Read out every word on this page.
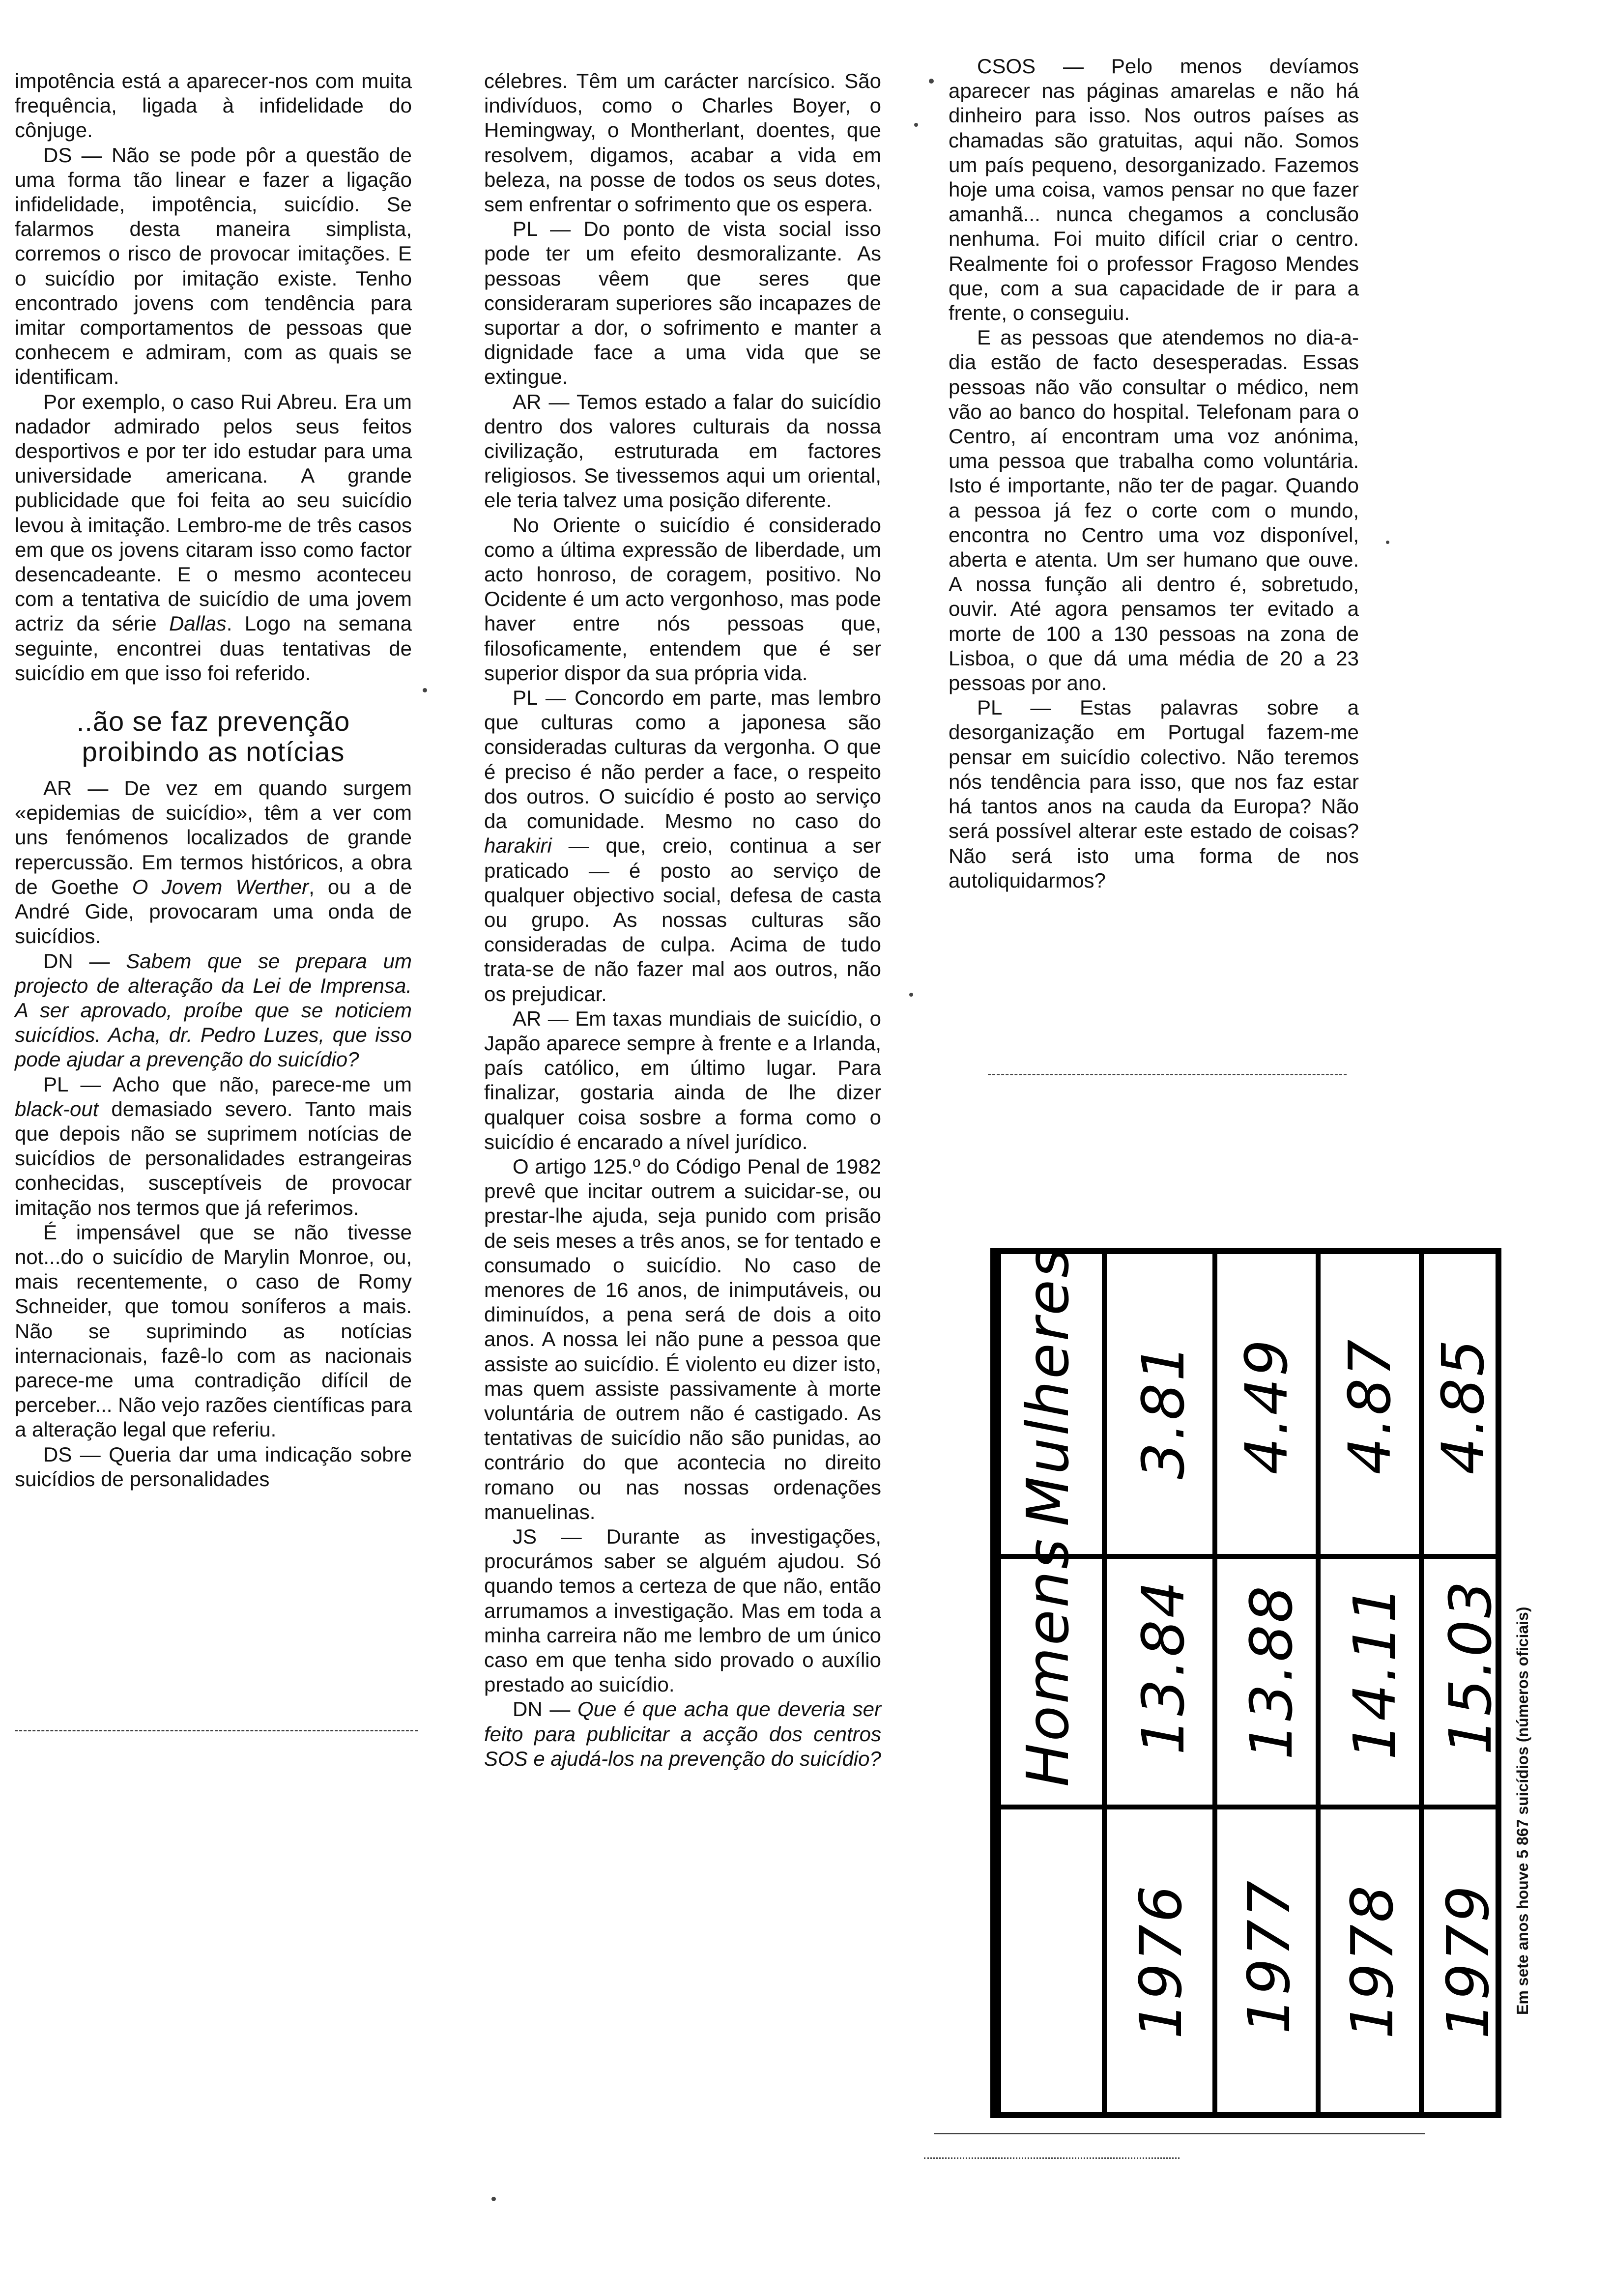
impotência está a aparecer-nos com muita frequência, ligada à infidelidade do cônjuge.

DS — Não se pode pôr a questão de uma forma tão linear e fazer a ligação infidelidade, impotência, suicídio. Se falarmos desta maneira simplista, corremos o risco de provocar imitações. E o suicídio por imitação existe. Tenho encontrado jovens com tendência para imitar comportamentos de pessoas que conhecem e admiram, com as quais se identificam.

Por exemplo, o caso Rui Abreu. Era um nadador admirado pelos seus feitos desportivos e por ter ido estudar para uma universidade americana. A grande publicidade que foi feita ao seu suicídio levou à imitação. Lembro-me de três casos em que os jovens citaram isso como factor desencadeante. E o mesmo aconteceu com a tentativa de suicídio de uma jovem actriz da série Dallas. Logo na semana seguinte, encontrei duas tentativas de suicídio em que isso foi referido.

..ão se faz prevenção proibindo as notícias

AR — De vez em quando surgem «epidemias de suicídio», têm a ver com uns fenómenos localizados de grande repercussão. Em termos históricos, a obra de Goethe O Jovem Werther, ou a de André Gide, provocaram uma onda de suicídios.

DN — Sabem que se prepara um projecto de alteração da Lei de Imprensa. A ser aprovado, proíbe que se noticiem suicídios. Acha, dr. Pedro Luzes, que isso pode ajudar a prevenção do suicídio?

PL — Acho que não, parece-me um black-out demasiado severo. Tanto mais que depois não se suprimem notícias de suicídios de personalidades estrangeiras conhecidas, susceptíveis de provocar imitação nos termos que já referimos.

É impensável que se não tivesse not...do o suicídio de Marylin Monroe, ou, mais recentemente, o caso de Romy Schneider, que tomou soníferos a mais. Não se suprimindo as notícias internacionais, fazê-lo com as nacionais parece-me uma contradição difícil de perceber... Não vejo razões científicas para a alteração legal que referiu.

DS — Queria dar uma indicação sobre suicídios de personalidades

célebres. Têm um carácter narcísico. São indivíduos, como o Charles Boyer, o Hemingway, o Montherlant, doentes, que resolvem, digamos, acabar a vida em beleza, na posse de todos os seus dotes, sem enfrentar o sofrimento que os espera.

PL — Do ponto de vista social isso pode ter um efeito desmoralizante. As pessoas vêem que seres que consideraram superiores são incapazes de suportar a dor, o sofrimento e manter a dignidade face a uma vida que se extingue.

AR — Temos estado a falar do suicídio dentro dos valores culturais da nossa civilização, estruturada em factores religiosos. Se tivessemos aqui um oriental, ele teria talvez uma posição diferente.

No Oriente o suicídio é considerado como a última expressão de liberdade, um acto honroso, de coragem, positivo. No Ocidente é um acto vergonhoso, mas pode haver entre nós pessoas que, filosoficamente, entendem que é ser superior dispor da sua própria vida.

PL — Concordo em parte, mas lembro que culturas como a japonesa são consideradas culturas da vergonha. O que é preciso é não perder a face, o respeito dos outros. O suicídio é posto ao serviço da comunidade. Mesmo no caso do harakiri — que, creio, continua a ser praticado — é posto ao serviço de qualquer objectivo social, defesa de casta ou grupo. As nossas culturas são consideradas de culpa. Acima de tudo trata-se de não fazer mal aos outros, não os prejudicar.

AR — Em taxas mundiais de suicídio, o Japão aparece sempre à frente e a Irlanda, país católico, em último lugar. Para finalizar, gostaria ainda de lhe dizer qualquer coisa sosbre a forma como o suicídio é encarado a nível jurídico.

O artigo 125.º do Código Penal de 1982 prevê que incitar outrem a suicidar-se, ou prestar-lhe ajuda, seja punido com prisão de seis meses a três anos, se for tentado e consumado o suicídio. No caso de menores de 16 anos, de inimputáveis, ou diminuídos, a pena será de dois a oito anos. A nossa lei não pune a pessoa que assiste ao suicídio. É violento eu dizer isto, mas quem assiste passivamente à morte voluntária de outrem não é castigado. As tentativas de suicídio não são punidas, ao contrário do que acontecia no direito romano ou nas nossas ordenações manuelinas.

JS — Durante as investigações, procurámos saber se alguém ajudou. Só quando temos a certeza de que não, então arrumamos a investigação. Mas em toda a minha carreira não me lembro de um único caso em que tenha sido provado o auxílio prestado ao suicídio.

DN — Que é que acha que deveria ser feito para publicitar a acção dos centros SOS e ajudá-los na prevenção do suicídio?

CSOS — Pelo menos devíamos aparecer nas páginas amarelas e não há dinheiro para isso. Nos outros países as chamadas são gratuitas, aqui não. Somos um país pequeno, desorganizado. Fazemos hoje uma coisa, vamos pensar no que fazer amanhã... nunca chegamos a conclusão nenhuma. Foi muito difícil criar o centro. Realmente foi o professor Fragoso Mendes que, com a sua capacidade de ir para a frente, o conseguiu.

E as pessoas que atendemos no dia-a-dia estão de facto desesperadas. Essas pessoas não vão consultar o médico, nem vão ao banco do hospital. Telefonam para o Centro, aí encontram uma voz anónima, uma pessoa que trabalha como voluntária. Isto é importante, não ter de pagar. Quando a pessoa já fez o corte com o mundo, encontra no Centro uma voz disponível, aberta e atenta. Um ser humano que ouve. A nossa função ali dentro é, sobretudo, ouvir. Até agora pensamos ter evitado a morte de 100 a 130 pessoas na zona de Lisboa, o que dá uma média de 20 a 23 pessoas por ano.

PL — Estas palavras sobre a desorganização em Portugal fazem-me pensar em suicídio colectivo. Não teremos nós tendência para isso, que nos faz estar há tantos anos na cauda da Europa? Não será possível alterar este estado de coisas? Não será isto uma forma de nos autoliquidarmos?

Mulheres
Homens
3.81
13.84
1976
4.49
13.88
1977
4.87
14.11
1978
4.85
15.03
1979 Em sete anos houve 5 867 suicídios (números oficiais)
